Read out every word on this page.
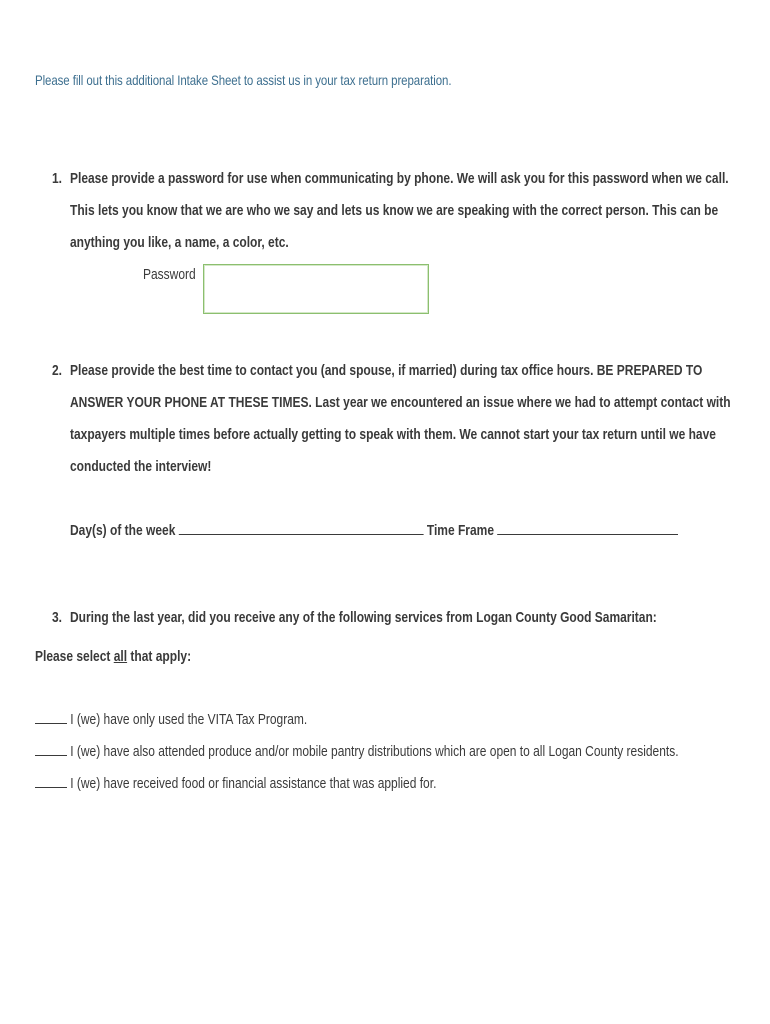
Please fill out this additional Intake Sheet to assist us in your tax return preparation.
1. Please provide a password for use when communicating by phone. We will ask you for this password when we call.
This lets you know that we are who we say and lets us know we are speaking with the correct person. This can be
anything you like, a name, a color, etc.
Password
2. Please provide the best time to contact you (and spouse, if married) during tax office hours. BE PREPARED TO
ANSWER YOUR PHONE AT THESE TIMES. Last year we encountered an issue where we had to attempt contact with
taxpayers multiple times before actually getting to speak with them. We cannot start your tax return until we have
conducted the interview!
Day(s) of the week	Time Frame
3. During the last year, did you receive any of the following services from Logan County Good Samaritan:
Please select all that apply:
I (we) have only used the VITA Tax Program.
I (we) have also attended produce and/or mobile pantry distributions which are open to all Logan County residents.
I (we) have received food or financial assistance that was applied for.
